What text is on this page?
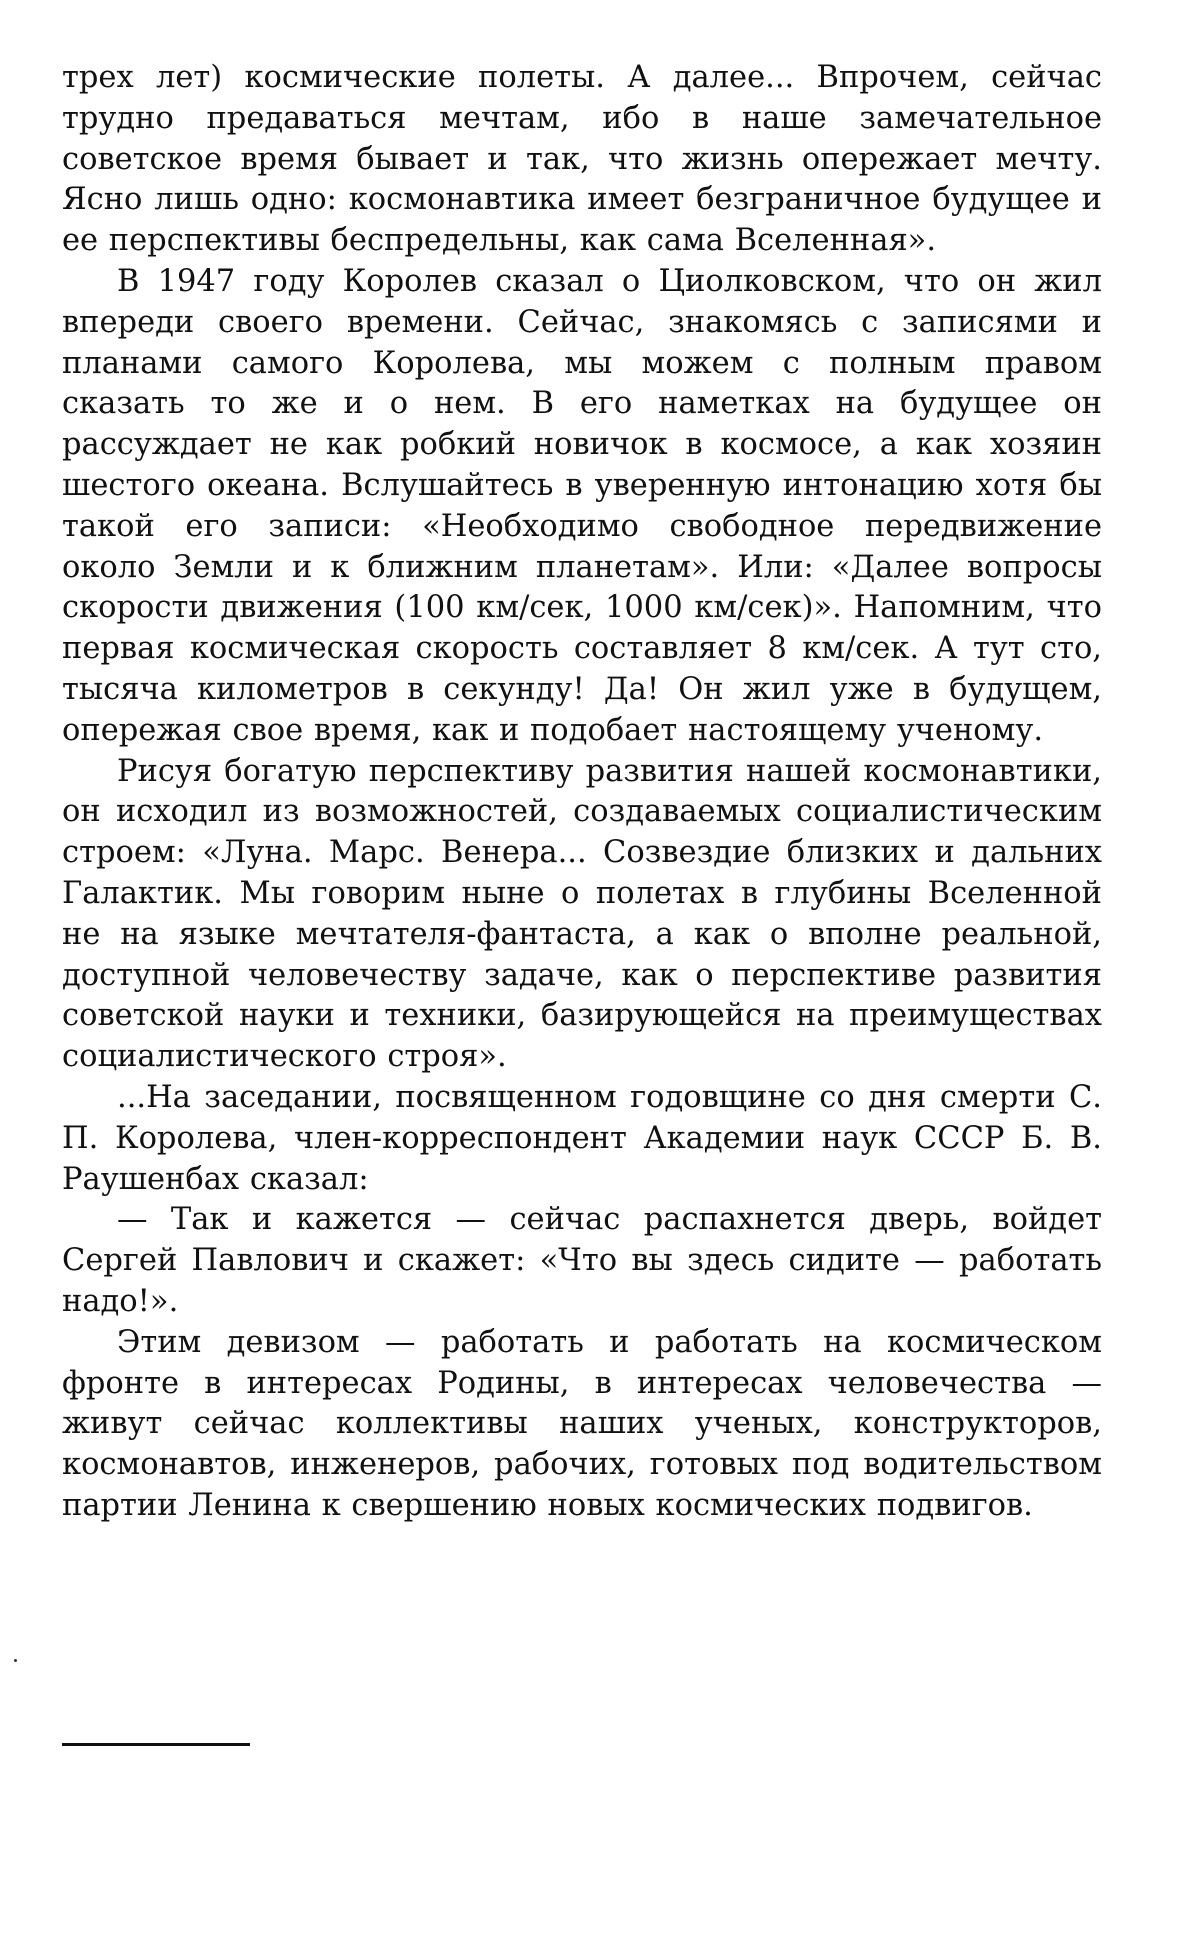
трех лет) космические полеты. А далее... Впрочем, сейчас трудно предаваться мечтам, ибо в наше замечательное советское время бывает и так, что жизнь опережает мечту. Ясно лишь одно: космонавтика имеет безграничное будущее и ее перспективы беспредельны, как сама Вселенная».

В 1947 году Королев сказал о Циолковском, что он жил впереди своего времени. Сейчас, знакомясь с записями и планами самого Королева, мы можем с полным правом сказать то же и о нем. В его наметках на будущее он рассуждает не как робкий новичок в космосе, а как хозяин шестого океана. Вслушайтесь в уверенную интонацию хотя бы такой его записи: «Необходимо свободное передвижение около Земли и к ближним планетам». Или: «Далее вопросы скорости движения (100 км/сек, 1000 км/сек)». Напомним, что первая космическая скорость составляет 8 км/сек. А тут сто, тысяча километров в секунду! Да! Он жил уже в будущем, опережая свое время, как и подобает настоящему ученому.

Рисуя богатую перспективу развития нашей космонавтики, он исходил из возможностей, создаваемых социалистическим строем: «Луна. Марс. Венера... Созвездие близких и дальних Галактик. Мы говорим ныне о полетах в глубины Вселенной не на языке мечтателя-фантаста, а как о вполне реальной, доступной человечеству задаче, как о перспективе развития советской науки и техники, базирующейся на преимуществах социалистического строя».

...На заседании, посвященном годовщине со дня смерти С. П. Королева, член-корреспондент Академии наук СССР Б. В. Раушенбах сказал:

— Так и кажется — сейчас распахнется дверь, войдет Сергей Павлович и скажет: «Что вы здесь сидите — работать надо!».

Этим девизом — работать и работать на космическом фронте в интересах Родины, в интересах человечества — живут сейчас коллективы наших ученых, конструкторов, космонавтов, инженеров, рабочих, готовых под водительством партии Ленина к свершению новых космических подвигов.
